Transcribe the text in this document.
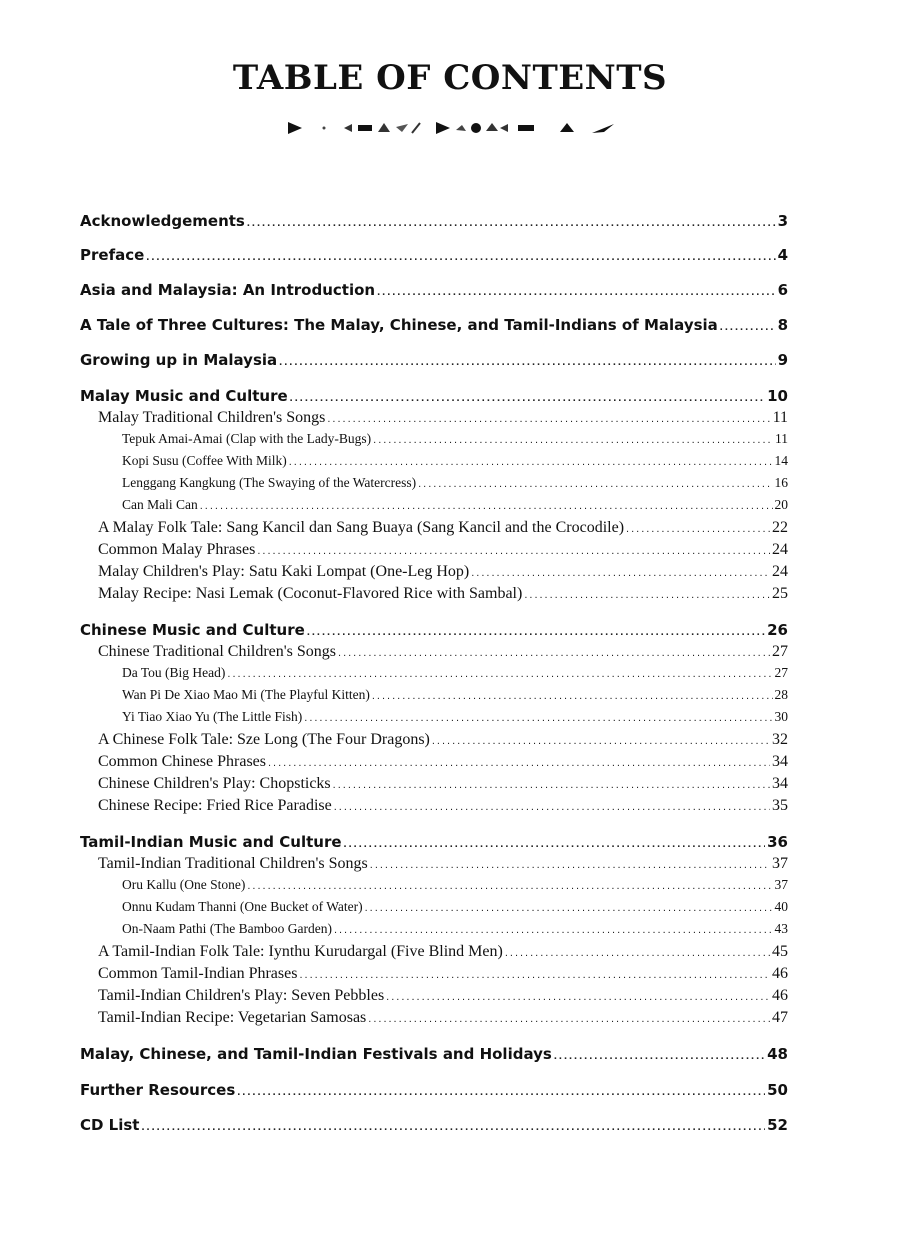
TABLE OF CONTENTS
Acknowledgements .....	3
Preface .....	4
Asia and Malaysia: An Introduction .....	6
A Tale of Three Cultures: The Malay, Chinese, and Tamil-Indians of Malaysia .....	8
Growing up in Malaysia .....	9
Malay Music and Culture .....	10
Malay Traditional Children's Songs .....	11
Tepuk Amai-Amai (Clap with the Lady-Bugs) .....	11
Kopi Susu (Coffee With Milk) .....	14
Lenggang Kangkung (The Swaying of the Watercress) .....	16
Can Mali Can .....	20
A Malay Folk Tale: Sang Kancil dan Sang Buaya (Sang Kancil and the Crocodile) .....	22
Common Malay Phrases .....	24
Malay Children's Play: Satu Kaki Lompat (One-Leg Hop) .....	24
Malay Recipe: Nasi Lemak (Coconut-Flavored Rice with Sambal) .....	25
Chinese Music and Culture .....	26
Chinese Traditional Children's Songs .....	27
Da Tou (Big Head) .....	27
Wan Pi De Xiao Mao Mi (The Playful Kitten) .....	28
Yi Tiao Xiao Yu (The Little Fish) .....	30
A Chinese Folk Tale: Sze Long (The Four Dragons) .....	32
Common Chinese Phrases .....	34
Chinese Children's Play: Chopsticks .....	34
Chinese Recipe: Fried Rice Paradise .....	35
Tamil-Indian Music and Culture .....	36
Tamil-Indian Traditional Children's Songs .....	37
Oru Kallu (One Stone) .....	37
Onnu Kudam Thanni (One Bucket of Water) .....	40
On-Naam Pathi (The Bamboo Garden) .....	43
A Tamil-Indian Folk Tale: Iynthu Kurudargal (Five Blind Men) .....	45
Common Tamil-Indian Phrases .....	46
Tamil-Indian Children's Play: Seven Pebbles .....	46
Tamil-Indian Recipe: Vegetarian Samosas .....	47
Malay, Chinese, and Tamil-Indian Festivals and Holidays .....	48
Further Resources .....	50
CD List .....	52
